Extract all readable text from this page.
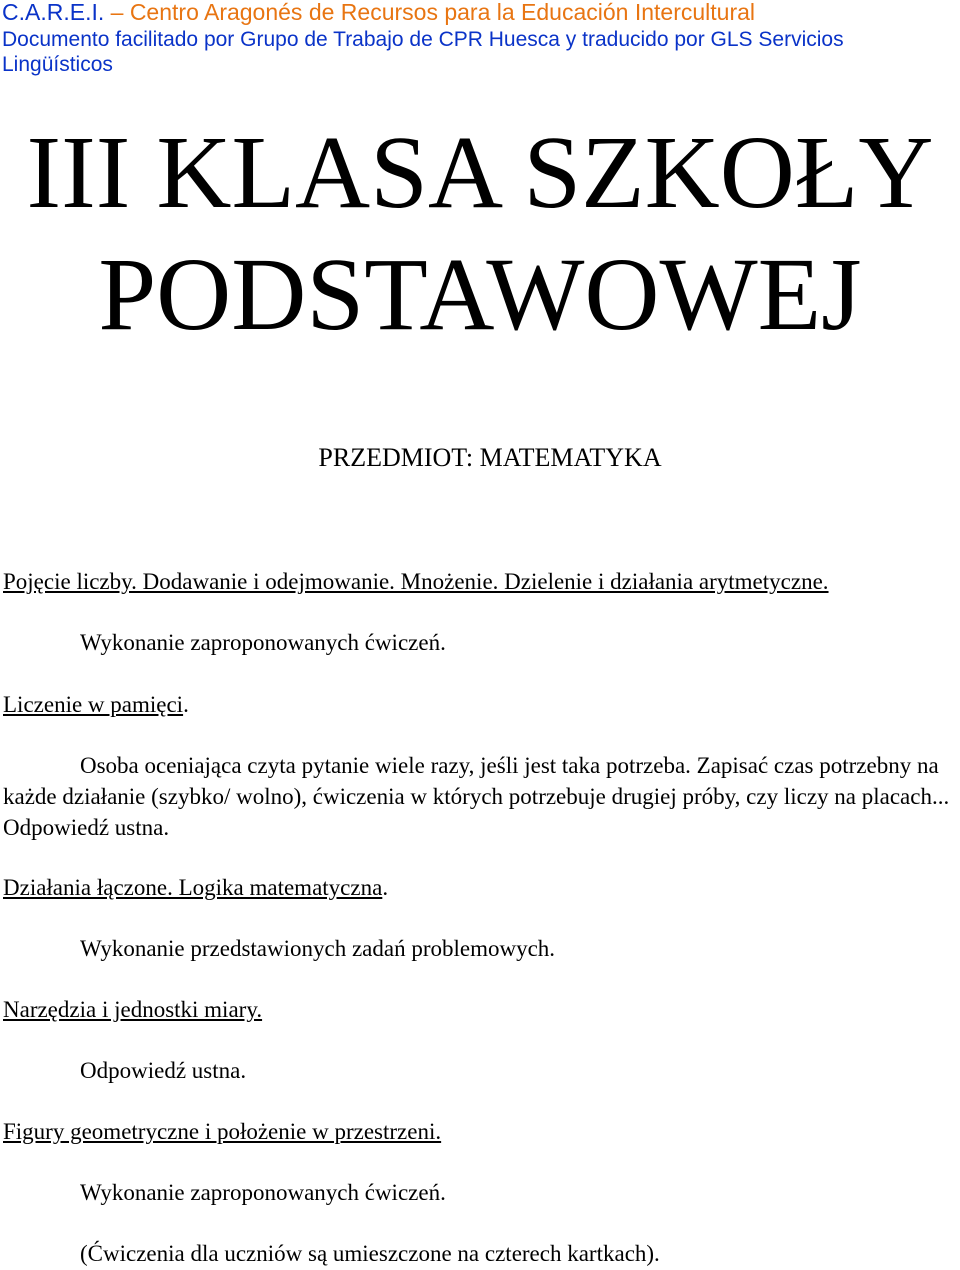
C.A.R.E.I. – Centro Aragonés de Recursos para la Educación Intercultural
Documento facilitado por Grupo de Trabajo de CPR Huesca y traducido por GLS Servicios Lingüísticos
III KLASA SZKOŁY
PODSTAWOWEJ
PRZEDMIOT: MATEMATYKA
Pojęcie liczby. Dodawanie i odejmowanie. Mnożenie. Dzielenie i działania arytmetyczne.
Wykonanie zaproponowanych ćwiczeń.
Liczenie w pamięci.
Osoba oceniająca czyta pytanie wiele razy, jeśli jest taka potrzeba. Zapisać czas potrzebny na każde działanie (szybko/ wolno), ćwiczenia w których potrzebuje drugiej próby, czy liczy na placach... Odpowiedź ustna.
Działania łączone. Logika matematyczna.
Wykonanie przedstawionych zadań problemowych.
Narzędzia i jednostki miary.
Odpowiedź ustna.
Figury geometryczne i położenie w przestrzeni.
Wykonanie zaproponowanych ćwiczeń.
(Ćwiczenia dla uczniów są umieszczone na czterech kartkach).
